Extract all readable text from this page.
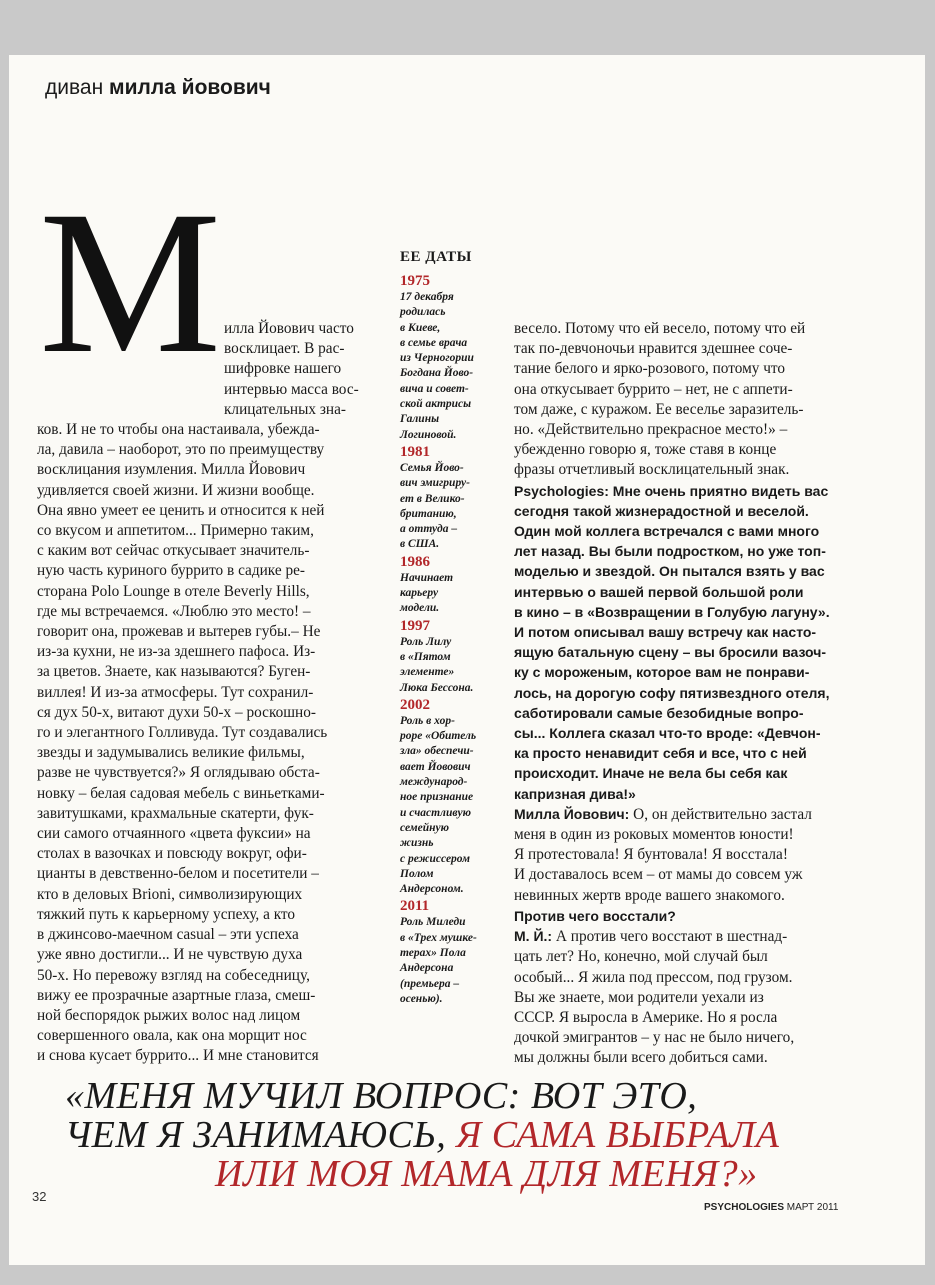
диван милла йовович
М илла Йовович часто
восклицает. В рас-
шифровке нашего
интервью масса вос-
клицательных зна-
ков. И не то чтобы она настаивала, убежда-
ла, давила – наоборот, это по преимуществу
восклицания изумления. Милла Йовович
удивляется своей жизни. И жизни вообще.
Она явно умеет ее ценить и относится к ней
со вкусом и аппетитом... Примерно таким,
с каким вот сейчас откусывает значитель-
ную часть куриного буррито в садике ре-
сторана Polo Lounge в отеле Beverly Hills,
где мы встречаемся. «Люблю это место! –
говорит она, прожевав и вытерев губы.– Не
из-за кухни, не из-за здешнего пафоса. Из-
за цветов. Знаете, как называются? Буген-
виллея! И из-за атмосферы. Тут сохранил-
ся дух 50-х, витают духи 50-х – роскошно-
го и элегантного Голливуда. Тут создавались
звезды и задумывались великие фильмы,
разве не чувствуется?» Я оглядываю обста-
новку – белая садовая мебель с виньетками-
завитушками, крахмальные скатерти, фук-
сии самого отчаянного «цвета фуксии» на
столах в вазочках и повсюду вокруг, офи-
цианты в девственно-белом и посетители –
кто в деловых Brioni, символизирующих
тяжкий путь к карьерному успеху, а кто
в джинсово-маечном casual – эти успеха
уже явно достигли... И не чувствую духа
50-х. Но перевожу взгляд на собеседницу,
вижу ее прозрачные азартные глаза, смеш-
ной беспорядок рыжих волос над лицом
совершенного овала, как она морщит нос
и снова кусает буррито... И мне становится
ЕЕ ДАТЫ
1975
17 декабря
родилась
в Киеве,
в семье врача
из Черногории
Богдана Йово-
вича и совет-
ской актрисы
Галины
Логиновой.
1981
Семья Йово-
вич эмигриру-
ет в Велико-
британию,
а оттуда –
в США.
1986
Начинает
карьеру
модели.
1997
Роль Лилу
в «Пятом
элементе»
Люка Бессона.
2002
Роль в хор-
роре «Обитель
зла» обеспечи-
вает Йовович
международ-
ное признание
и счастливую
семейную
жизнь
с режиссером
Полом
Андерсоном.
2011
Роль Миледи
в «Трех мушке-
терах» Пола
Андерсона
(премьера –
осенью).
весело. Потому что ей весело, потому что ей
так по-девчоночьи нравится здешнее соче-
тание белого и ярко-розового, потому что
она откусывает буррито – нет, не с аппети-
том даже, с куражом. Ее веселье заразитель-
но. «Действительно прекрасное место!» –
убежденно говорю я, тоже ставя в конце
фразы отчетливый восклицательный знак.
Psychologies: Мне очень приятно видеть вас
сегодня такой жизнерадостной и веселой.
Один мой коллега встречался с вами много
лет назад. Вы были подростком, но уже топ-
моделью и звездой. Он пытался взять у вас
интервью о вашей первой большой роли
в кино – в «Возвращении в Голубую лагуну».
И потом описывал вашу встречу как насто-
ящую батальную сцену – вы бросили вазоч-
ку с мороженым, которое вам не понрави-
лось, на дорогую софу пятизвездного отеля,
саботировали самые безобидные вопро-
сы... Коллега сказал что-то вроде: «Девчон-
ка просто ненавидит себя и все, что с ней
происходит. Иначе не вела бы себя как
капризная дива!»
Милла Йовович: О, он действительно застал
меня в один из роковых моментов юности!
Я протестовала! Я бунтовала! Я восстала!
И доставалось всем – от мамы до совсем уж
невинных жертв вроде вашего знакомого.
Против чего восстали?
М. Й.: А против чего восстают в шестнад-
цать лет? Но, конечно, мой случай был
особый... Я жила под прессом, под грузом.
Вы же знаете, мои родители уехали из
СССР. Я выросла в Америке. Но я росла
дочкой эмигрантов – у нас не было ничего,
мы должны были всего добиться сами.
«МЕНЯ МУЧИЛ ВОПРОС: ВОТ ЭТО,
ЧЕМ Я ЗАНИМАЮСЬ, Я САМА ВЫБРАЛА
ИЛИ МОЯ МАМА ДЛЯ МЕНЯ?»
32
PSYCHOLOGIES МАРТ 2011
